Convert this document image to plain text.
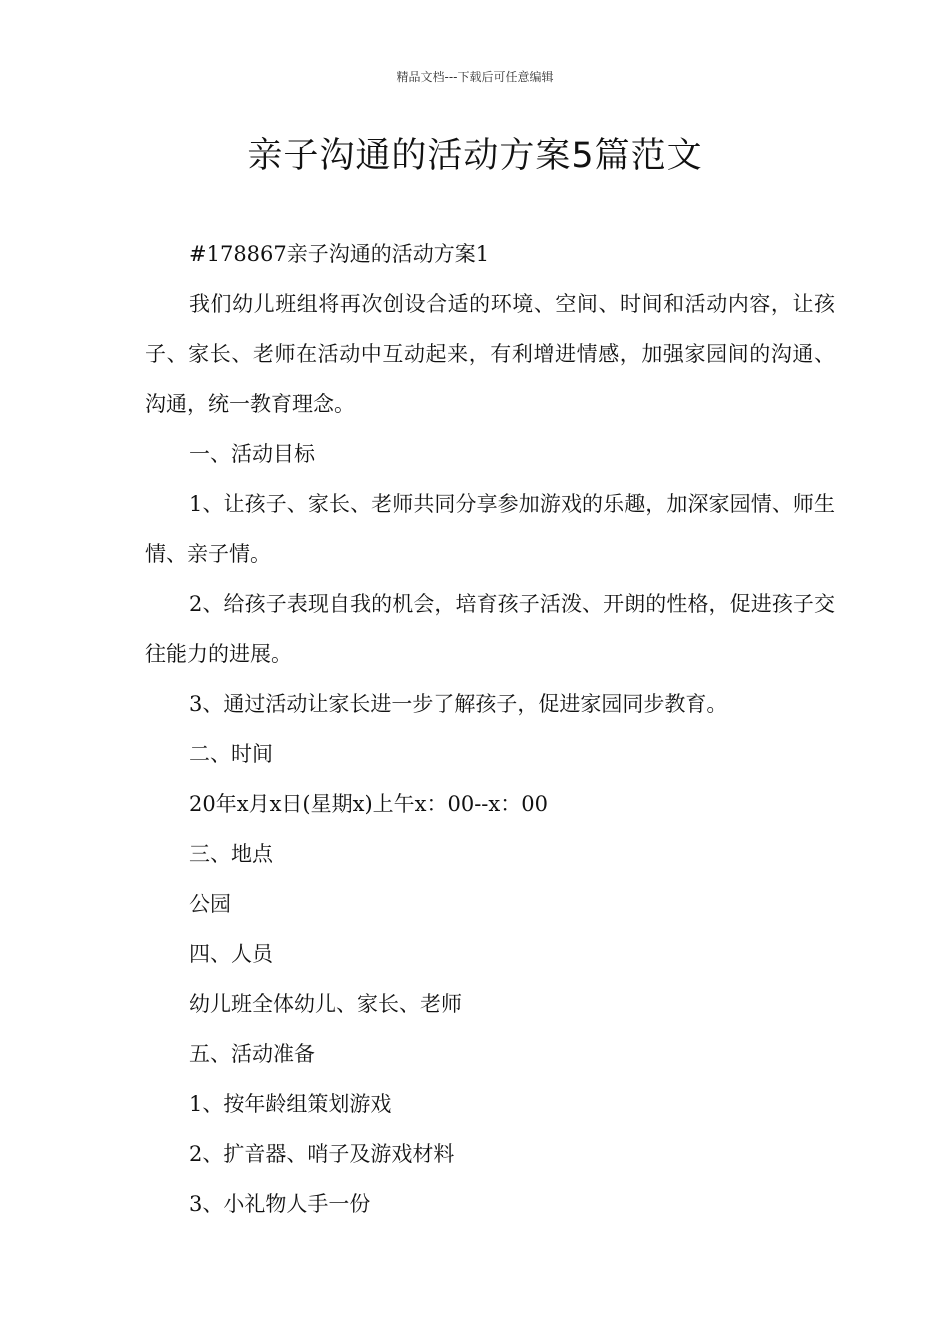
精品文档---下载后可任意编辑
亲子沟通的活动方案5篇范文

#178867亲子沟通的活动方案1

我们幼儿班组将再次创设合适的环境、空间、时间和活动内容，让孩子、家长、老师在活动中互动起来，有利增进情感，加强家园间的沟通、沟通，统一教育理念。

一、活动目标

1、让孩子、家长、老师共同分享参加游戏的乐趣，加深家园情、师生情、亲子情。

2、给孩子表现自我的机会，培育孩子活泼、开朗的性格，促进孩子交往能力的进展。

3、通过活动让家长进一步了解孩子，促进家园同步教育。

二、时间

20年x月x日(星期x)上午x：00--x：00

三、地点

公园

四、人员

幼儿班全体幼儿、家长、老师

五、活动准备

1、按年龄组策划游戏

2、扩音器、哨子及游戏材料

3、小礼物人手一份
